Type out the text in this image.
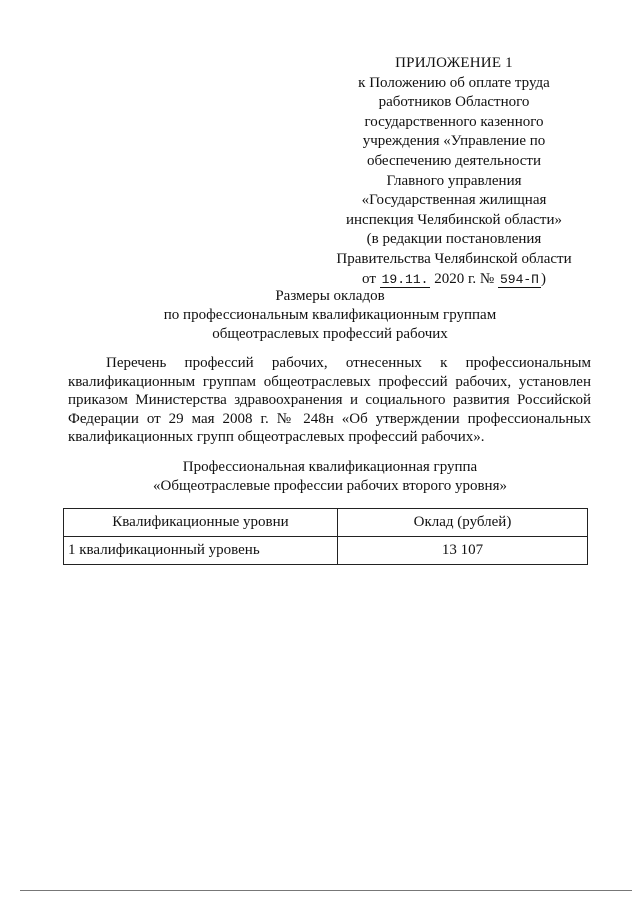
ПРИЛОЖЕНИЕ 1
к Положению об оплате труда
работников Областного
государственного казенного
учреждения «Управление по
обеспечению деятельности
Главного управления
«Государственная жилищная
инспекция Челябинской области»
(в редакции постановления
Правительства Челябинской области
от 19.11. 2020 г. № 594-П )
Размеры окладов
по профессиональным квалификационным группам
общеотраслевых профессий рабочих
Перечень профессий рабочих, отнесенных к профессиональным квалификационным группам общеотраслевых профессий рабочих, установлен приказом Министерства здравоохранения и социального развития Российской Федерации от 29 мая 2008 г. № 248н «Об утверждении профессиональных квалификационных групп общеотраслевых профессий рабочих».
Профессиональная квалификационная группа
«Общеотраслевые профессии рабочих второго уровня»
Квалификационные уровни	Оклад (рублей)
1 квалификационный уровень	13 107
